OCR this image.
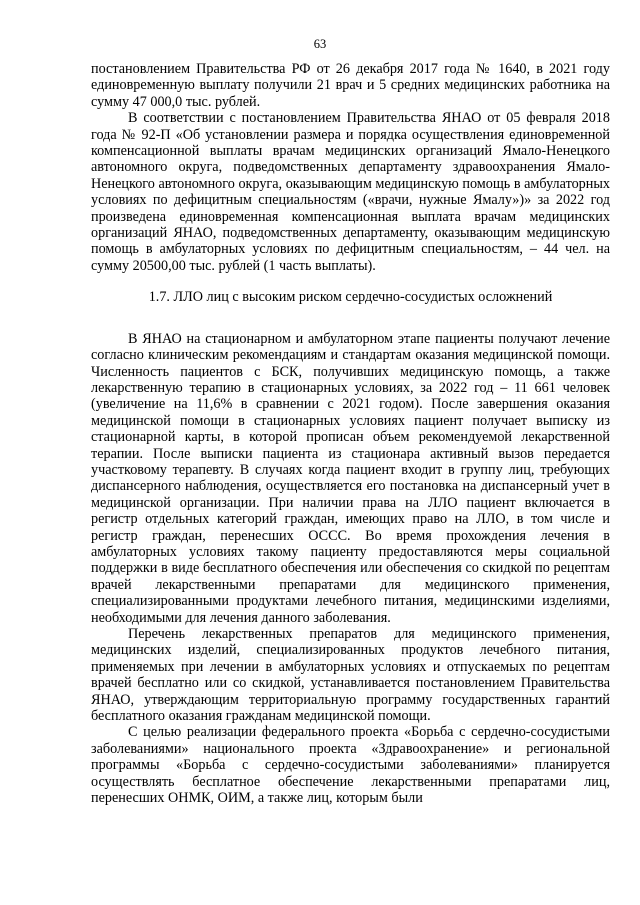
63

постановлением Правительства РФ от 26 декабря 2017 года № 1640, в 2021 году единовременную выплату получили 21 врач и 5 средних медицинских работника на сумму 47 000,0 тыс. рублей.

В соответствии с постановлением Правительства ЯНАО от 05 февраля 2018 года № 92-П «Об установлении размера и порядка осуществления единовременной компенсационной выплаты врачам медицинских организаций Ямало-Ненецкого автономного округа, подведомственных департаменту здравоохранения Ямало-Ненецкого автономного округа, оказывающим медицинскую помощь в амбулаторных условиях по дефицитным специальностям («врачи, нужные Ямалу»)» за 2022 год произведена единовременная компенсационная выплата врачам медицинских организаций ЯНАО, подведомственных департаменту, оказывающим медицинскую помощь в амбулаторных условиях по дефицитным специальностям, – 44 чел. на сумму 20500,00 тыс. рублей (1 часть выплаты).

1.7. ЛЛО лиц с высоким риском сердечно-сосудистых осложнений

В ЯНАО на стационарном и амбулаторном этапе пациенты получают лечение согласно клиническим рекомендациям и стандартам оказания медицинской помощи. Численность пациентов с БСК, получивших медицинскую помощь, а также лекарственную терапию в стационарных условиях, за 2022 год – 11 661 человек (увеличение на 11,6% в сравнении с 2021 годом). После завершения оказания медицинской помощи в стационарных условиях пациент получает выписку из стационарной карты, в которой прописан объем рекомендуемой лекарственной терапии. После выписки пациента из стационара активный вызов передается участковому терапевту. В случаях когда пациент входит в группу лиц, требующих диспансерного наблюдения, осуществляется его постановка на диспансерный учет в медицинской организации. При наличии права на ЛЛО пациент включается в регистр отдельных категорий граждан, имеющих право на ЛЛО, в том числе и регистр граждан, перенесших ОССС. Во время прохождения лечения в амбулаторных условиях такому пациенту предоставляются меры социальной поддержки в виде бесплатного обеспечения или обеспечения со скидкой по рецептам врачей лекарственными препаратами для медицинского применения, специализированными продуктами лечебного питания, медицинскими изделиями, необходимыми для лечения данного заболевания.

Перечень лекарственных препаратов для медицинского применения, медицинских изделий, специализированных продуктов лечебного питания, применяемых при лечении в амбулаторных условиях и отпускаемых по рецептам врачей бесплатно или со скидкой, устанавливается постановлением Правительства ЯНАО, утверждающим территориальную программу государственных гарантий бесплатного оказания гражданам медицинской помощи.

С целью реализации федерального проекта «Борьба с сердечно-сосудистыми заболеваниями» национального проекта «Здравоохранение» и региональной программы «Борьба с сердечно-сосудистыми заболеваниями» планируется осуществлять бесплатное обеспечение лекарственными препаратами лиц, перенесших ОНМК, ОИМ, а также лиц, которым были
